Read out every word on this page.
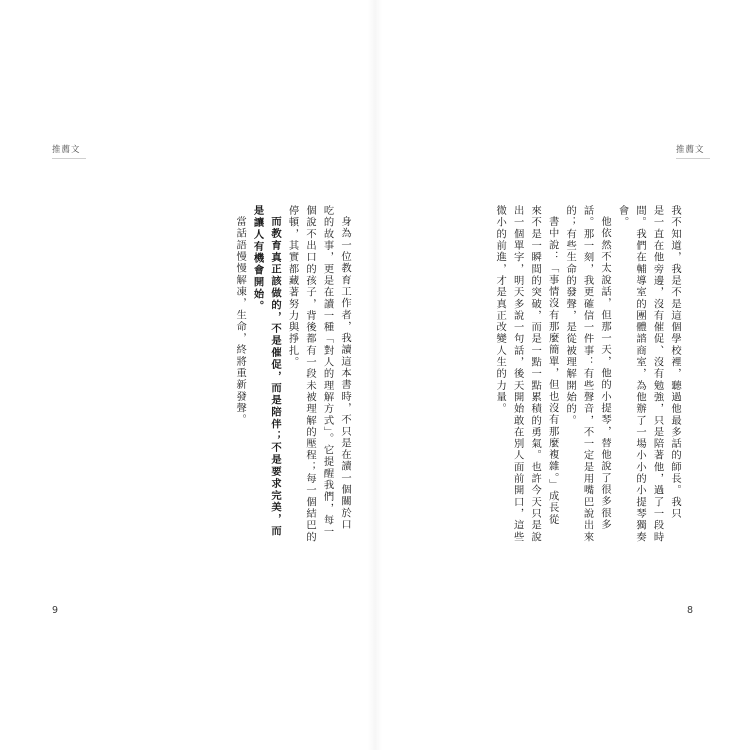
推薦文	推薦文
身為一位教育工作者，我讀這本書時，不只是在讀一個關於口
吃的故事，更是在讀一種「對人的理解方式」。它提醒我們，每一
個說不出口的孩子，背後都有一段未被理解的壓程；每一個結巴的
停頓，其實都藏著努力與掙扎。
而教育真正該做的，不是催促，而是陪伴；不是要求完美，而
是讓人有機會開始。
當話語慢慢解凍，生命，終將重新發聲。	我不知道，我是不是這個學校裡，聽過他最多話的師長。我只
是一直在他旁邊，沒有催促、沒有勉強，只是陪著他，過了一段時
間。我們在輔導室的團體諮商室，為他辦了一場小小的小提琴獨奏
會。
他依然不太說話，但那一天，他的小提琴，替他說了很多很多
話。那一刻，我更確信一件事：有些聲音，不一定是用嘴巴說出來
的；有些生命的發聲，是從被理解開始的。
書中說：「事情沒有那麼簡單，但也沒有那麼複雜。」成長從
來不是一瞬間的突破，而是一點一點累積的勇氣。也許今天只是說
出一個單字，明天多說一句話，後天開始敢在別人面前開口，這些
微小的前進，才是真正改變人生的力量。
9	8
